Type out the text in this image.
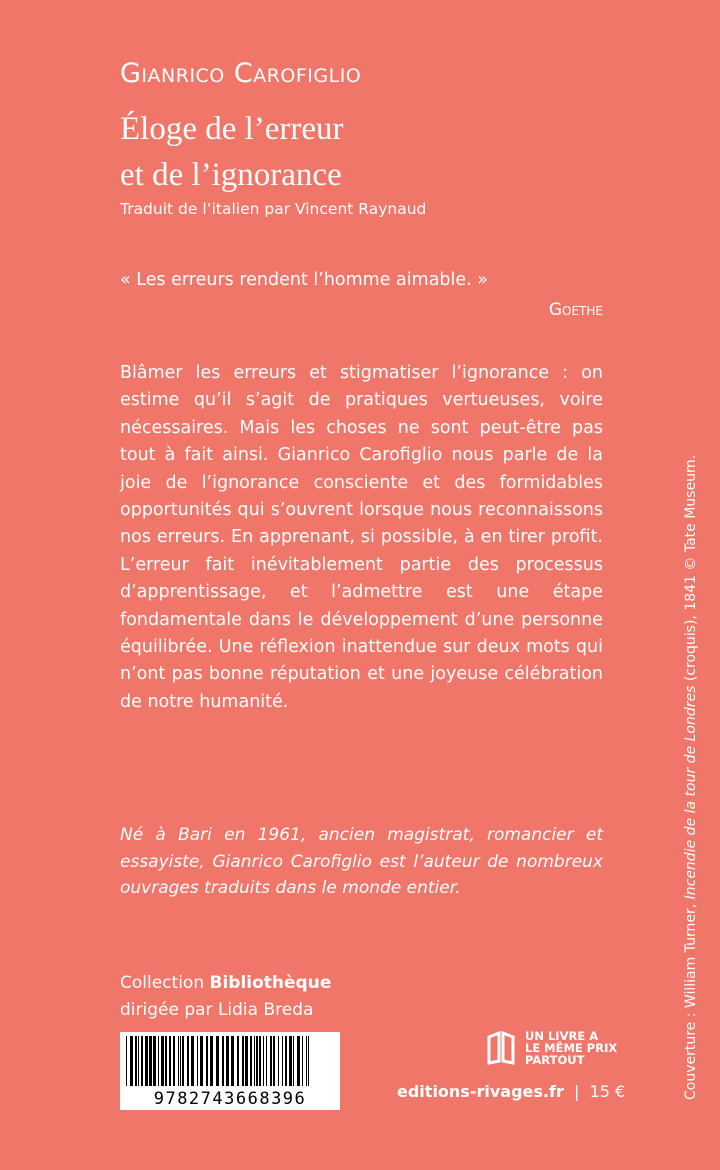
Gianrico Carofiglio
Éloge de l’erreur
et de l’ignorance
Traduit de l’italien par Vincent Raynaud
« Les erreurs rendent l’homme aimable. »
Goethe
Blâmer les erreurs et stigmatiser l’ignorance : on estime qu’il s’agit de pratiques vertueuses, voire nécessaires. Mais les choses ne sont peut-être pas tout à fait ainsi. Gianrico Carofiglio nous parle de la joie de l’ignorance consciente et des formidables opportunités qui s’ouvrent lorsque nous reconnaissons nos erreurs. En apprenant, si possible, à en tirer profit. L’erreur fait inévitablement partie des processus d’apprentissage, et l’admettre est une étape fondamentale dans le développement d’une personne équilibrée. Une réflexion inattendue sur deux mots qui n’ont pas bonne réputation et une joyeuse célébration de notre humanité.
Né à Bari en 1961, ancien magistrat, romancier et essayiste, Gianrico Carofiglio est l’auteur de nombreux ouvrages traduits dans le monde entier.
Collection Bibliothèque
dirigée par Lidia Breda
9782743668396
UN LIVRE A
LE MÊME PRIX
PARTOUT
editions-rivages.fr  |  15 €	Couverture : William Turner, Incendie de la tour de Londres (croquis), 1841 © Tate Museum.
